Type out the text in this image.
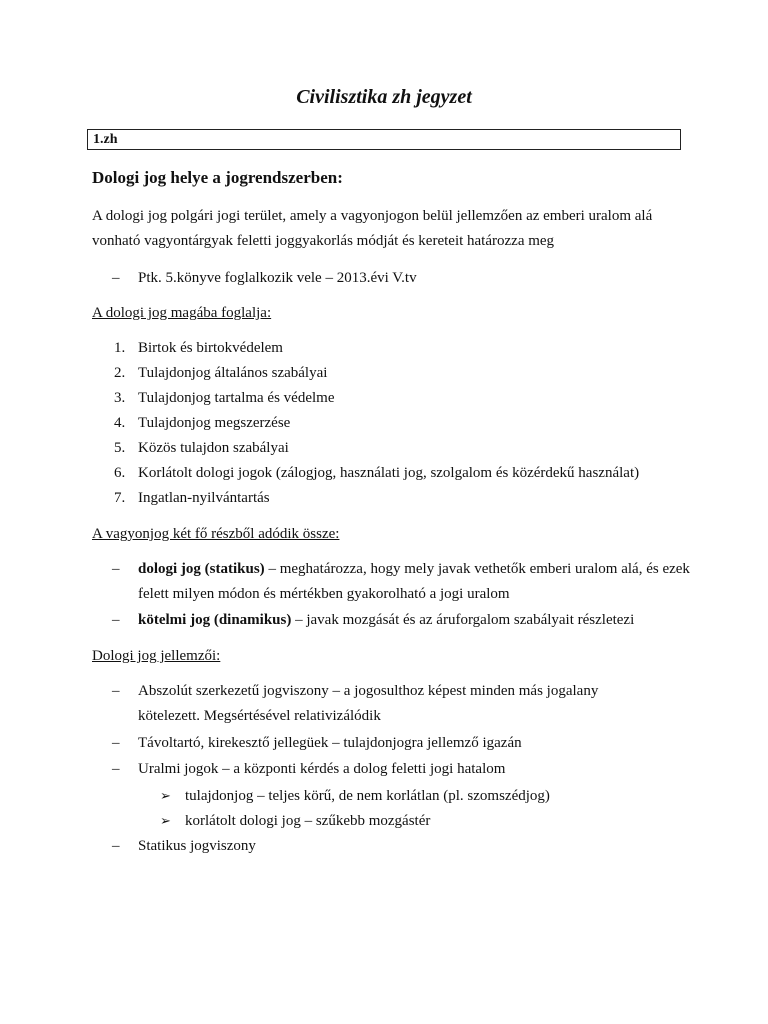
Civilisztika zh jegyzet
1.zh
Dologi jog helye a jogrendszerben:

A dologi jog polgári jogi terület, amely a vagyonjogon belül jellemzően az emberi uralom alá vonható vagyontárgyak feletti joggyakorlás módját és kereteit határozza meg

– Ptk. 5.könyve foglalkozik vele – 2013.évi V.tv

A dologi jog magába foglalja:

1. Birtok és birtokvédelem
2. Tulajdonjog általános szabályai
3. Tulajdonjog tartalma és védelme
4. Tulajdonjog megszerzése
5. Közös tulajdon szabályai
6. Korlátolt dologi jogok (zálogjog, használati jog, szolgalom és közérdekű használat)
7. Ingatlan-nyilvántartás

A vagyonjog két fő részből adódik össze:

– dologi jog (statikus) – meghatározza, hogy mely javak vethetők emberi uralom alá, és ezek felett milyen módon és mértékben gyakorolható a jogi uralom
– kötelmi jog (dinamikus) – javak mozgását és az áruforgalom szabályait részletezi

Dologi jog jellemzői:

– Abszolút szerkezetű jogviszony – a jogosulthoz képest minden más jogalany kötelezett. Megsértésével relativizálódik
– Távoltartó, kirekesztő jellegüek – tulajdonjogra jellemző igazán
– Uralmi jogok – a központi kérdés a dolog feletti jogi hatalom
➢ tulajdonjog – teljes körű, de nem korlátlan (pl. szomszédjog)
➢ korlátolt dologi jog – szűkebb mozgástér
– Statikus jogviszony
